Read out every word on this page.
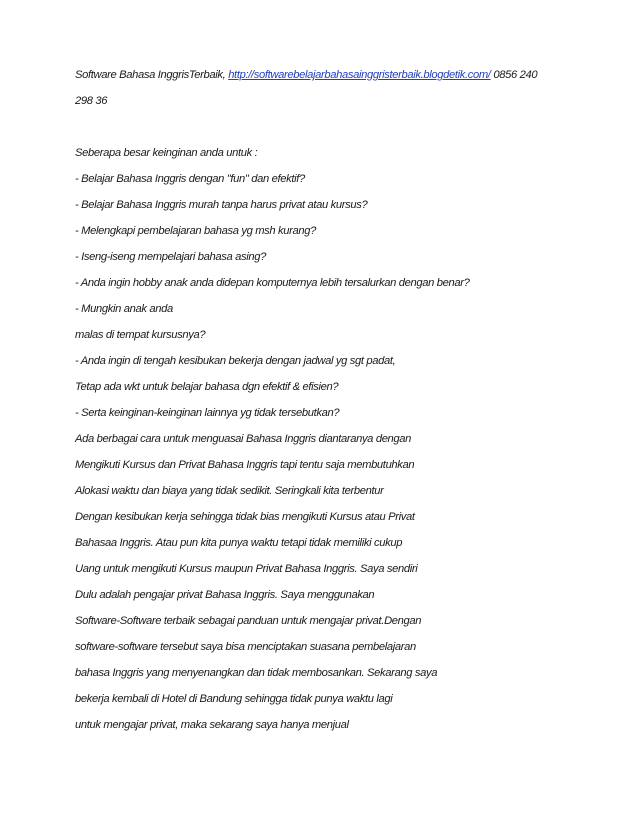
Software Bahasa InggrisTerbaik, http://softwarebelajarbahasainggristerbaik.blogdetik.com/ 0856 240
298 36
Seberapa besar keinginan anda untuk :
- Belajar Bahasa Inggris dengan "fun" dan efektif?
- Belajar Bahasa Inggris murah tanpa harus privat atau kursus?
- Melengkapi pembelajaran bahasa yg msh kurang?
- Iseng-iseng mempelajari bahasa asing?
- Anda ingin hobby anak anda didepan komputernya lebih tersalurkan dengan benar?
- Mungkin anak anda
malas di tempat kursusnya?
- Anda ingin di tengah kesibukan bekerja dengan jadwal yg sgt padat,
Tetap ada wkt untuk belajar bahasa dgn efektif & efisien?
- Serta keinginan-keinginan lainnya yg tidak tersebutkan?
Ada berbagai cara untuk menguasai Bahasa Inggris diantaranya dengan
Mengikuti Kursus dan Privat Bahasa Inggris tapi tentu saja membutuhkan
Alokasi waktu dan biaya yang tidak sedikit. Seringkali kita terbentur
Dengan kesibukan kerja sehingga tidak bias mengikuti Kursus atau Privat
Bahasaa Inggris. Atau pun kita punya waktu tetapi tidak memiliki cukup
Uang untuk mengikuti Kursus maupun Privat Bahasa Inggris. Saya sendiri
Dulu adalah pengajar privat Bahasa Inggris. Saya menggunakan
Software-Software terbaik sebagai panduan untuk mengajar privat.Dengan
software-software tersebut saya bisa menciptakan suasana pembelajaran
bahasa Inggris yang menyenangkan dan tidak membosankan. Sekarang saya
bekerja kembali di Hotel di Bandung sehingga tidak punya waktu lagi
untuk mengajar privat, maka sekarang saya hanya menjual
